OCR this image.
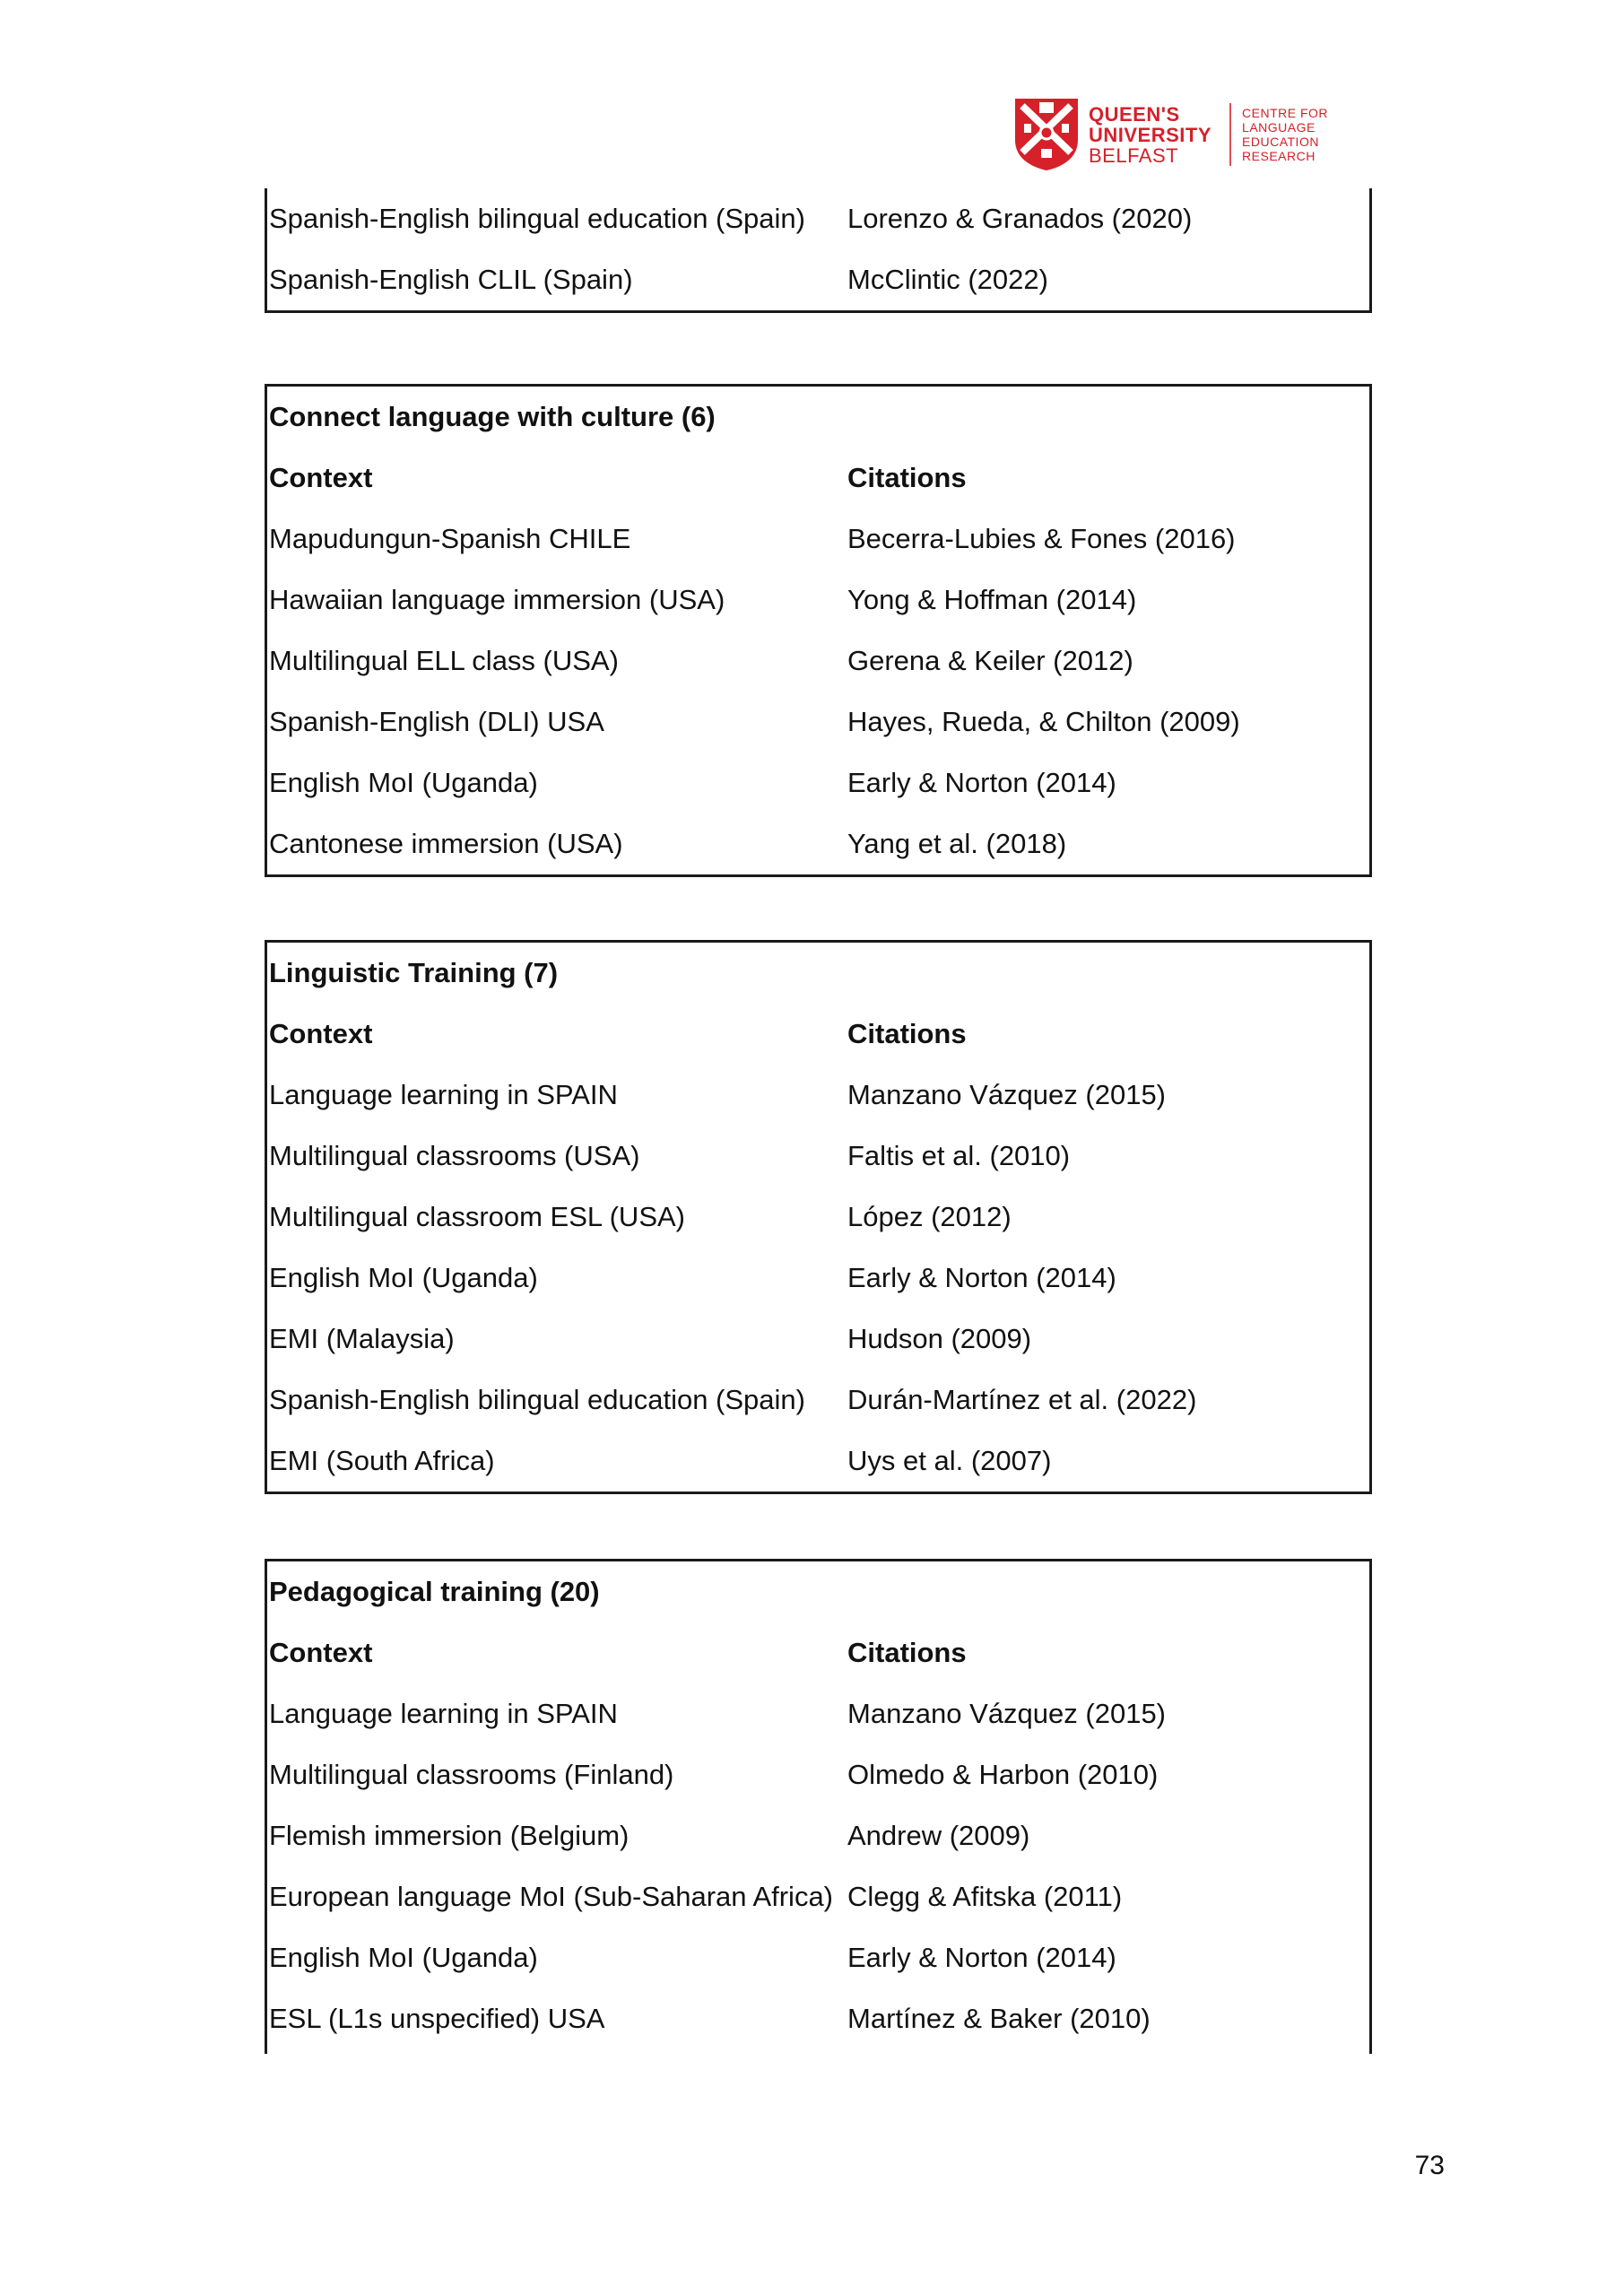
QUEEN'S
UNIVERSITY
BELFAST
CENTRE FOR
LANGUAGE
EDUCATION
RESEARCH
Spanish-English bilingual education (Spain) Lorenzo & Granados (2020)
Spanish-English CLIL (Spain)	McClintic (2022)
Connect language with culture (6)
Context	Citations
Mapudungun-Spanish CHILE	Becerra-Lubies & Fones (2016)
Hawaiian language immersion (USA)	Yong & Hoffman (2014)
Multilingual ELL class (USA)	Gerena & Keiler (2012)
Spanish-English (DLI) USA	Hayes, Rueda, & Chilton (2009)
English MoI (Uganda)	Early & Norton (2014)
Cantonese immersion (USA)	Yang et al. (2018)
Linguistic Training (7)
Context	Citations
Language learning in SPAIN	Manzano Vázquez (2015)
Multilingual classrooms (USA)	Faltis et al. (2010)
Multilingual classroom ESL (USA)	López (2012)
English MoI (Uganda)	Early & Norton (2014)
EMI (Malaysia)	Hudson (2009)
Spanish-English bilingual education (Spain) Durán-Martínez et al. (2022)
EMI (South Africa)	Uys et al. (2007)
Pedagogical training (20)
Context	Citations
Language learning in SPAIN	Manzano Vázquez (2015)
Multilingual classrooms (Finland)	Olmedo & Harbon (2010)
Flemish immersion (Belgium)	Andrew (2009)
European language MoI (Sub-Saharan Africa) Clegg & Afitska (2011)
English MoI (Uganda)	Early & Norton (2014)
ESL (L1s unspecified) USA	Martínez & Baker (2010)
73
